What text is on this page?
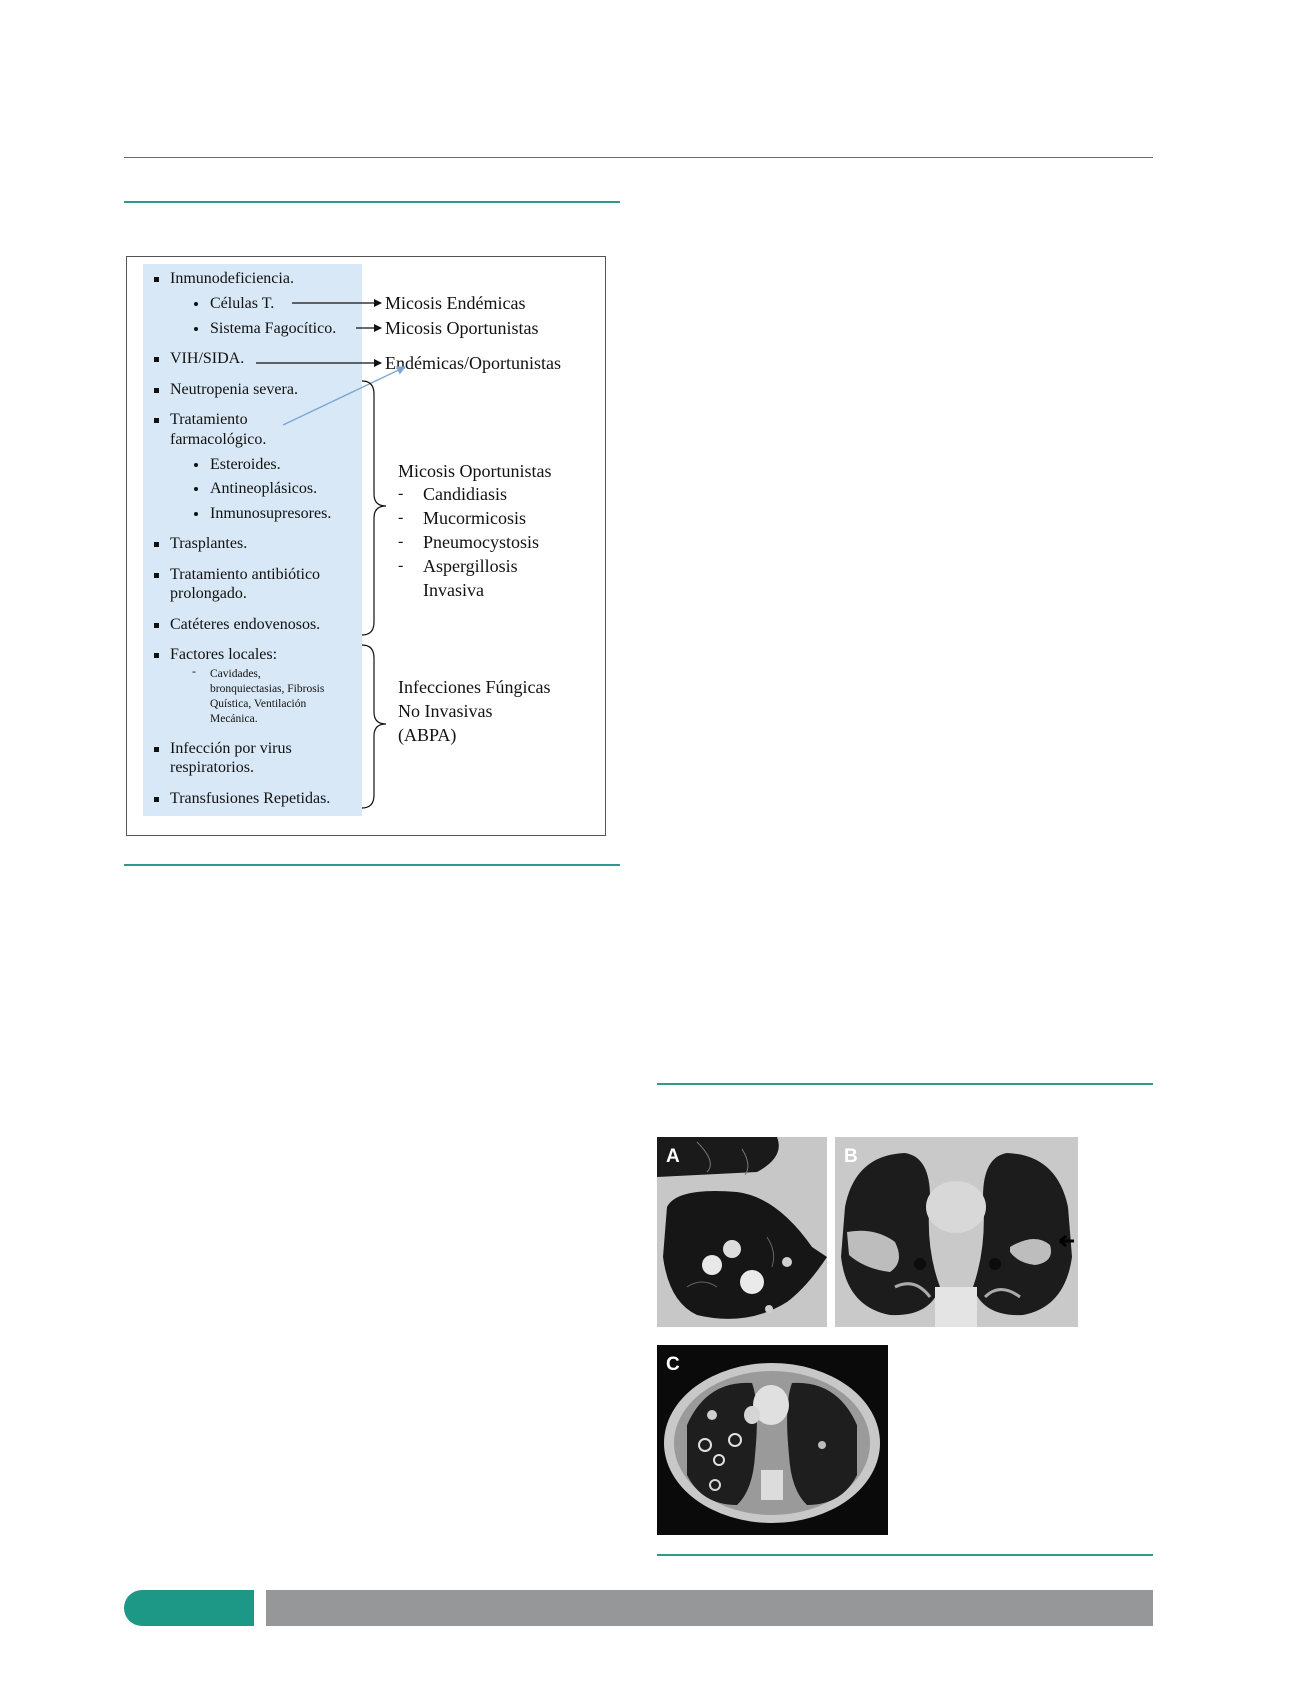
Inmunodeficiencia.
Células T.
Sistema Fagocítico.
VIH/SIDA.
Neutropenia severa.
Tratamiento
farmacológico.
Esteroides.
Antineoplásicos.
Inmunosupresores.
Trasplantes.
Tratamiento antibiótico
prolongado.
Catéteres endovenosos.
Factores locales:
- Cavidades,
bronquiectasias, Fibrosis
Quística, Ventilación
Mecánica.
Infección por virus
respiratorios.
Transfusiones Repetidas.
Micosis Endémicas
Micosis Oportunistas
Endémicas/Oportunistas
Micosis Oportunistas
- Candidiasis
- Mucormicosis
- Pneumocystosis
- Aspergillosis
Invasiva
Infecciones Fúngicas
No Invasivas
(ABPA)
A	B
C
